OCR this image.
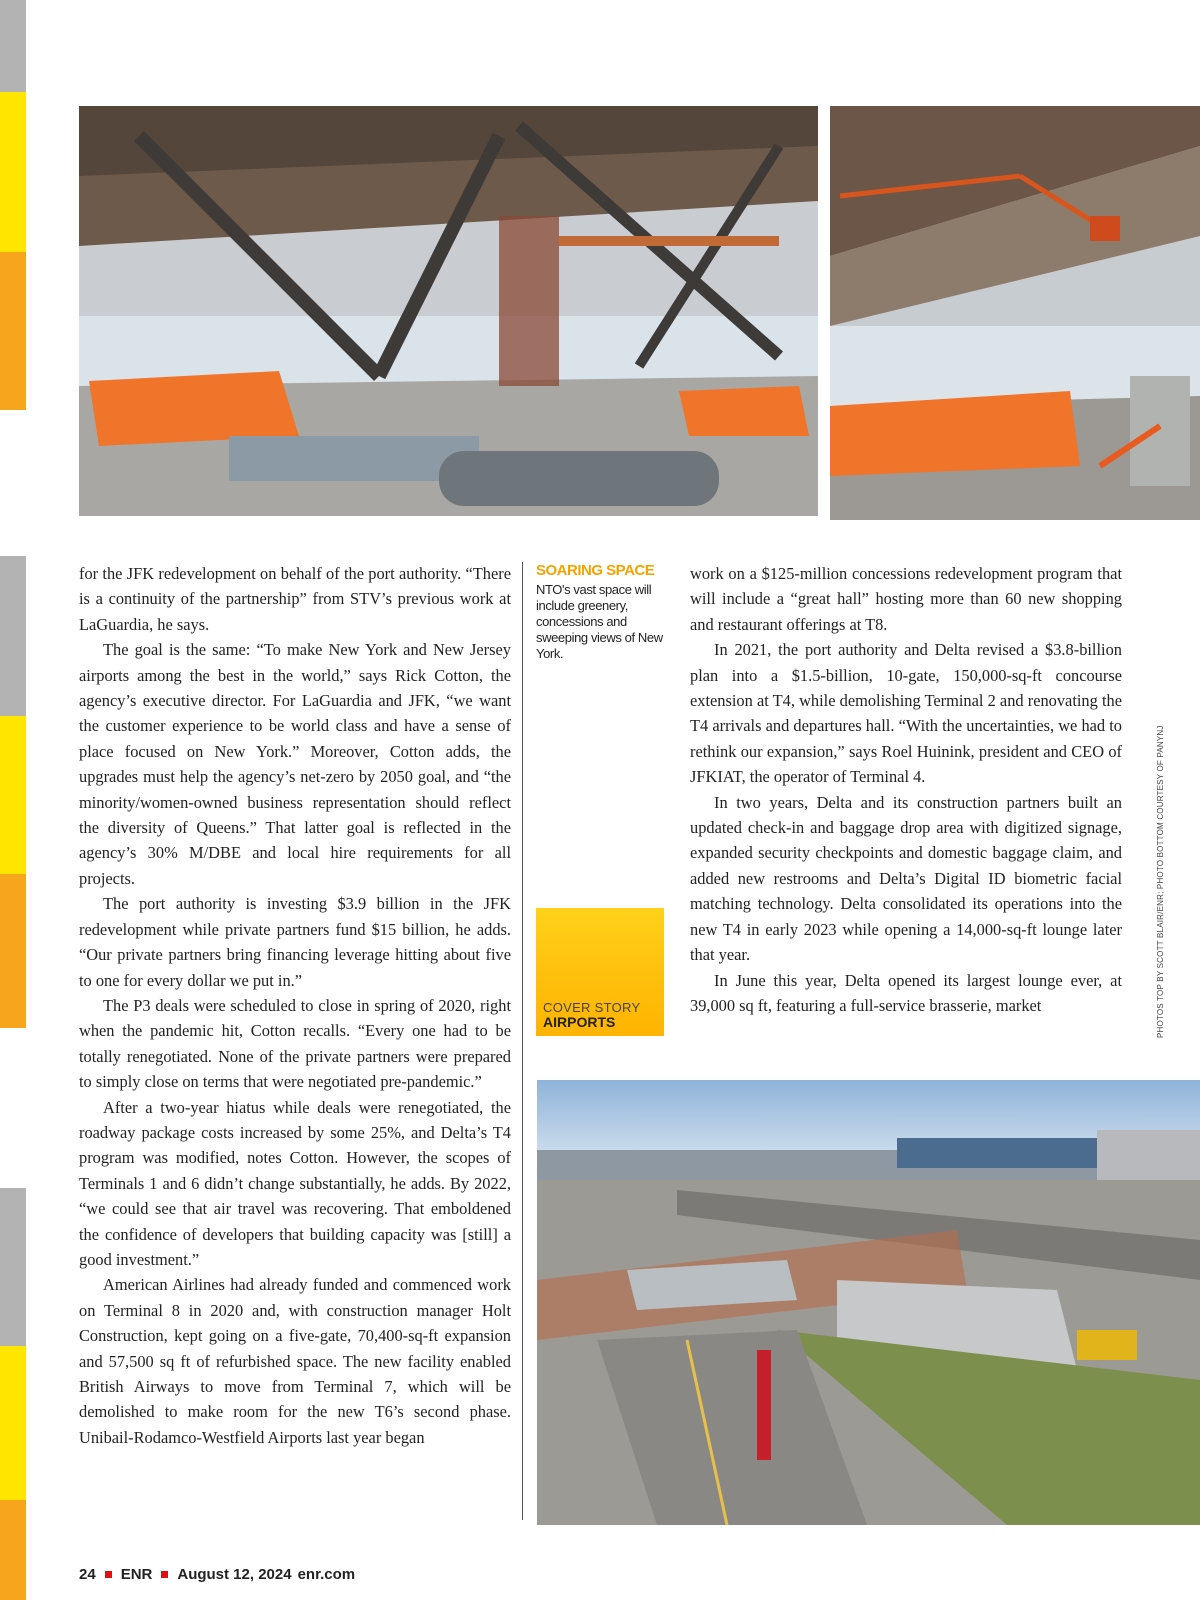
for the JFK redevelopment on behalf of the port authority. “There is a continuity of the partnership” from STV’s previous work at LaGuardia, he says.

The goal is the same: “To make New York and New Jersey airports among the best in the world,” says Rick Cotton, the agency’s executive director. For LaGuardia and JFK, “we want the customer experience to be world class and have a sense of place focused on New York.” Moreover, Cotton adds, the upgrades must help the agency’s net-zero by 2050 goal, and “the minority/women-owned business representation should reflect the diversity of Queens.” That latter goal is reflected in the agency’s 30% M/DBE and local hire requirements for all projects.

The port authority is investing $3.9 billion in the JFK redevelopment while private partners fund $15 billion, he adds. “Our private partners bring financing leverage hitting about five to one for every dollar we put in.”

The P3 deals were scheduled to close in spring of 2020, right when the pandemic hit, Cotton recalls. “Every one had to be totally renegotiated. None of the private partners were prepared to simply close on terms that were negotiated pre-pandemic.”

After a two-year hiatus while deals were renegotiated, the roadway package costs increased by some 25%, and Delta’s T4 program was modified, notes Cotton. However, the scopes of Terminals 1 and 6 didn’t change substantially, he adds. By 2022, “we could see that air travel was recovering. That emboldened the confidence of developers that building capacity was [still] a good investment.”

American Airlines had already funded and commenced work on Terminal 8 in 2020 and, with construction manager Holt Construction, kept going on a five-gate, 70,400-sq-ft expansion and 57,500 sq ft of refurbished space. The new facility enabled British Airways to move from Terminal 7, which will be demolished to make room for the new T6’s second phase. Unibail-Rodamco-Westfield Airports last year began

SOARING SPACE
NTO's vast space will include greenery, concessions and sweeping views of New York.
COVER STORY
AIRPORTS

work on a $125-million concessions redevelopment program that will include a “great hall” hosting more than 60 new shopping and restaurant offerings at T8.

In 2021, the port authority and Delta revised a $3.8-billion plan into a $1.5-billion, 10-gate, 150,000-sq-ft concourse extension at T4, while demolishing Terminal 2 and renovating the T4 arrivals and departures hall. “With the uncertainties, we had to rethink our expansion,” says Roel Huinink, president and CEO of JFKIAT, the operator of Terminal 4.

In two years, Delta and its construction partners built an updated check-in and baggage drop area with digitized signage, expanded security checkpoints and domestic baggage claim, and added new restrooms and Delta’s Digital ID biometric facial matching technology. Delta consolidated its operations into the new T4 in early 2023 while opening a 14,000-sq-ft lounge later that year.

In June this year, Delta opened its largest lounge ever, at 39,000 sq ft, featuring a full-service brasserie, market	PHOTOS TOP BY SCOTT BLAIR/ENR; PHOTO BOTTOM COURTESY OF PANYNJ
24 ENR August 12, 2024 enr.com
